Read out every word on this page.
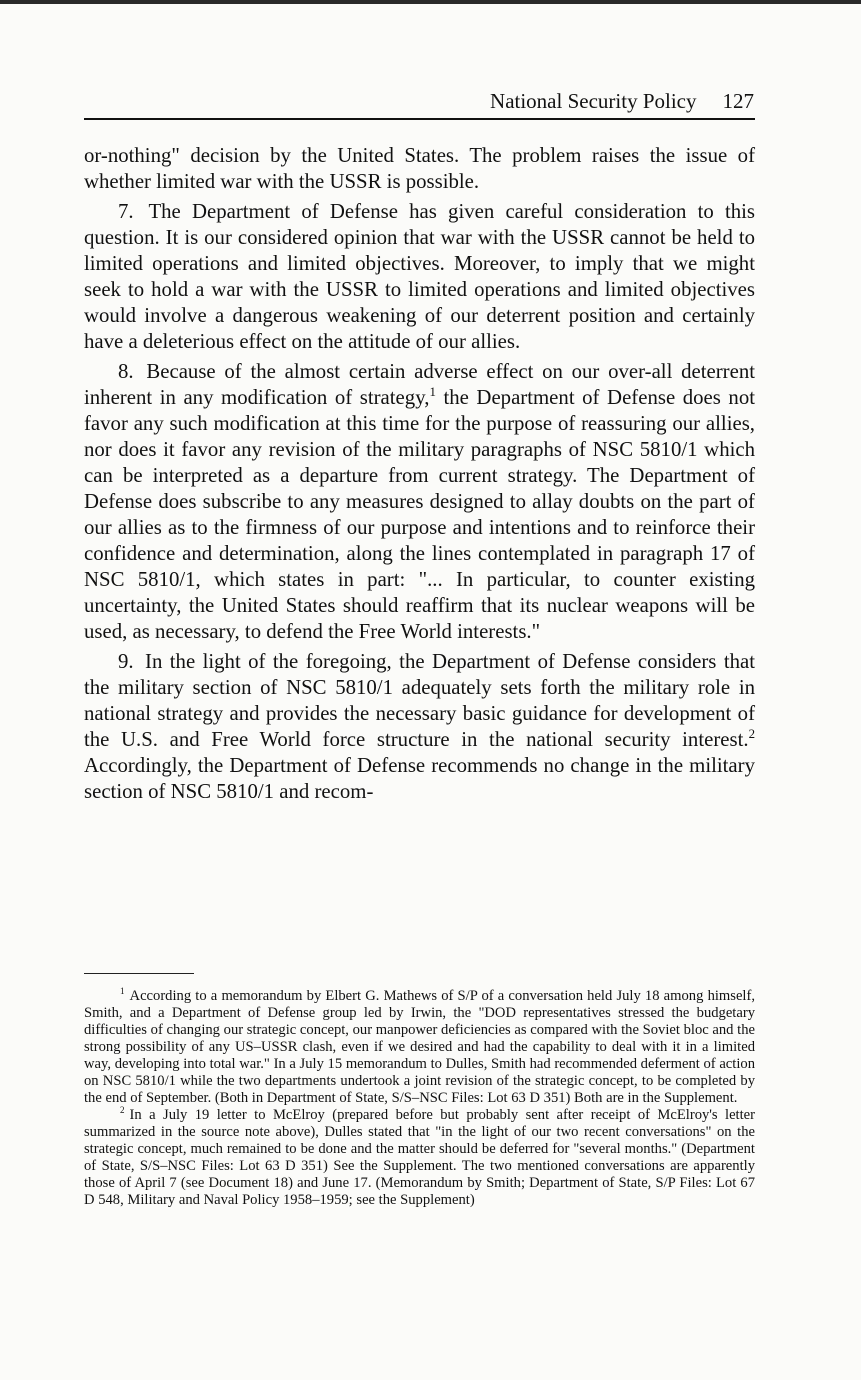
National Security Policy 127

or-nothing" decision by the United States. The problem raises the issue of whether limited war with the USSR is possible.

7. The Department of Defense has given careful consideration to this question. It is our considered opinion that war with the USSR cannot be held to limited operations and limited objectives. Moreover, to imply that we might seek to hold a war with the USSR to limited operations and limited objectives would involve a dangerous weakening of our deterrent position and certainly have a deleterious effect on the attitude of our allies.

8. Because of the almost certain adverse effect on our over-all deterrent inherent in any modification of strategy,$^1$ the Department of Defense does not favor any such modification at this time for the purpose of reassuring our allies, nor does it favor any revision of the military paragraphs of NSC 5810/1 which can be interpreted as a departure from current strategy. The Department of Defense does subscribe to any measures designed to allay doubts on the part of our allies as to the firmness of our purpose and intentions and to reinforce their confidence and determination, along the lines contemplated in paragraph 17 of NSC 5810/1, which states in part: "... In particular, to counter existing uncertainty, the United States should reaffirm that its nuclear weapons will be used, as necessary, to defend the Free World interests."

9. In the light of the foregoing, the Department of Defense considers that the military section of NSC 5810/1 adequately sets forth the military role in national strategy and provides the necessary basic guidance for development of the U.S. and Free World force structure in the national security interest.$^2$ Accordingly, the Department of Defense recommends no change in the military section of NSC 5810/1 and recom-

$^1$ According to a memorandum by Elbert G. Mathews of S/P of a conversation held July 18 among himself, Smith, and a Department of Defense group led by Irwin, the "DOD representatives stressed the budgetary difficulties of changing our strategic concept, our manpower deficiencies as compared with the Soviet bloc and the strong possibility of any US–USSR clash, even if we desired and had the capability to deal with it in a limited way, developing into total war." In a July 15 memorandum to Dulles, Smith had recommended deferment of action on NSC 5810/1 while the two departments undertook a joint revision of the strategic concept, to be completed by the end of September. (Both in Department of State, S/S–NSC Files: Lot 63 D 351) Both are in the Supplement.

$^2$ In a July 19 letter to McElroy (prepared before but probably sent after receipt of McElroy's letter summarized in the source note above), Dulles stated that "in the light of our two recent conversations" on the strategic concept, much remained to be done and the matter should be deferred for "several months." (Department of State, S/S–NSC Files: Lot 63 D 351) See the Supplement. The two mentioned conversations are apparently those of April 7 (see Document 18) and June 17. (Memorandum by Smith; Department of State, S/P Files: Lot 67 D 548, Military and Naval Policy 1958–1959; see the Supplement)
